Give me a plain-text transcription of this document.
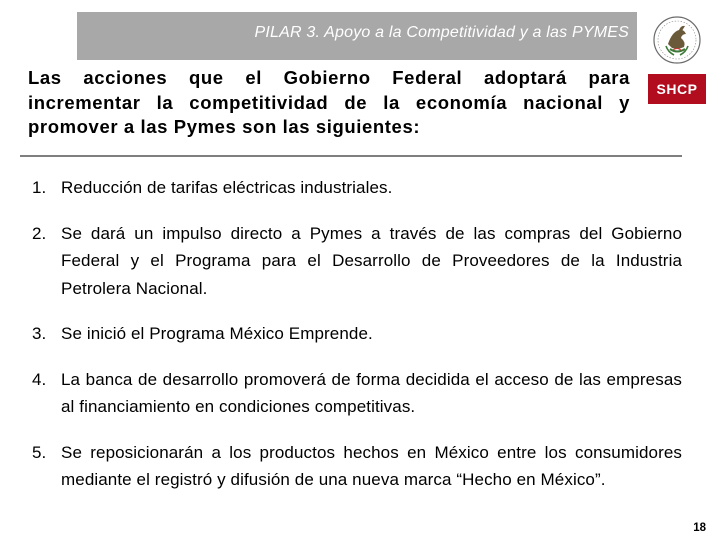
PILAR 3. Apoyo a la Competitividad y a las PYMES
SHCP
Las acciones que el Gobierno Federal adoptará para incrementar la competitividad de la economía nacional y promover a las Pymes son las siguientes:
1. Reducción de tarifas eléctricas industriales.
2. Se dará un impulso directo a Pymes a través de las compras del Gobierno Federal y el Programa para el Desarrollo de Proveedores de la Industria Petrolera Nacional.
3. Se inició el Programa México Emprende.
4. La banca de desarrollo promoverá de forma decidida el acceso de las empresas al financiamiento en condiciones competitivas.
5. Se reposicionarán a los productos hechos en México entre los consumidores mediante el registró y difusión de una nueva marca “Hecho en México”.
18
